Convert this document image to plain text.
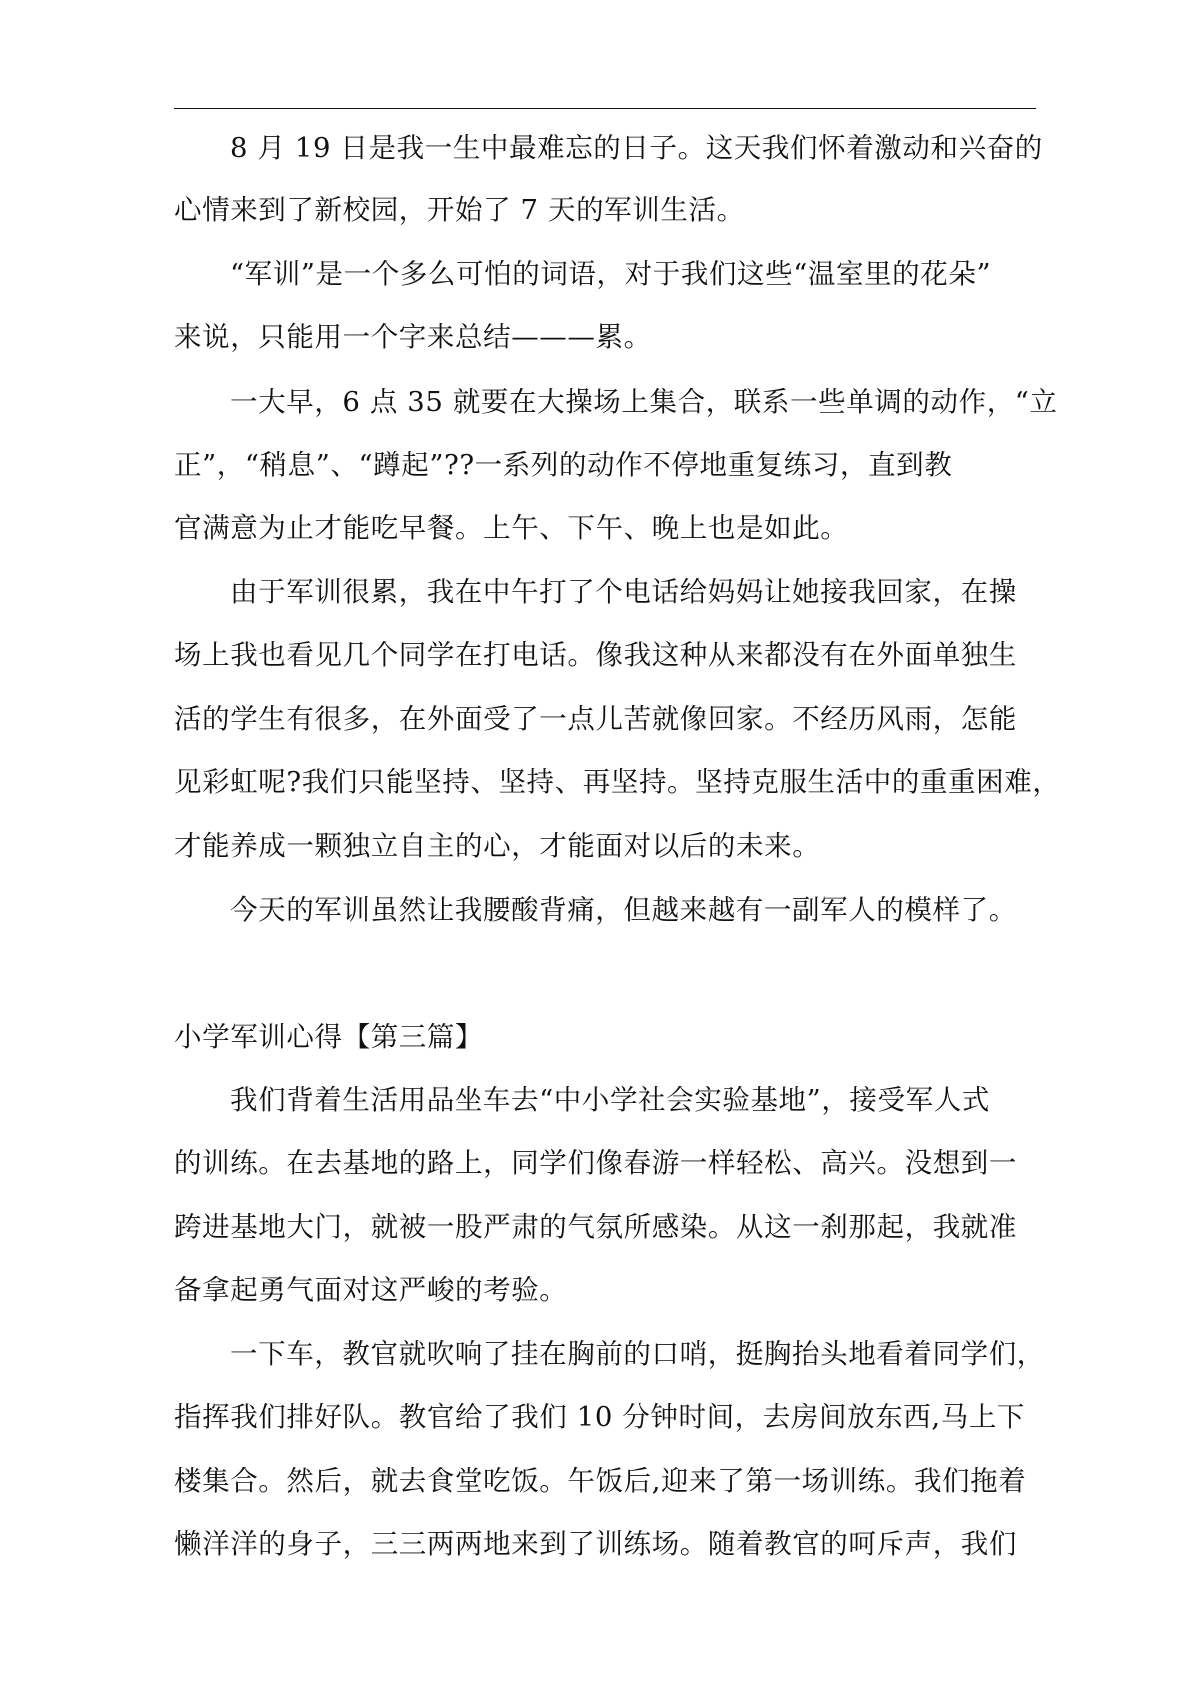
8 月 19 日是我一生中最难忘的日子。这天我们怀着激动和兴奋的
心情来到了新校园，开始了 7 天的军训生活。
“军训”是一个多么可怕的词语，对于我们这些“温室里的花朵”
来说，只能用一个字来总结———累。
一大早，6 点 35 就要在大操场上集合，联系一些单调的动作，“立
正”，“稍息”、“蹲起”??一系列的动作不停地重复练习，直到教
官满意为止才能吃早餐。上午、下午、晚上也是如此。
由于军训很累，我在中午打了个电话给妈妈让她接我回家，在操
场上我也看见几个同学在打电话。像我这种从来都没有在外面单独生
活的学生有很多，在外面受了一点儿苦就像回家。不经历风雨，怎能
见彩虹呢?我们只能坚持、坚持、再坚持。坚持克服生活中的重重困难，
才能养成一颗独立自主的心，才能面对以后的未来。
今天的军训虽然让我腰酸背痛，但越来越有一副军人的模样了。
小学军训心得【第三篇】
我们背着生活用品坐车去“中小学社会实验基地”，接受军人式
的训练。在去基地的路上，同学们像春游一样轻松、高兴。没想到一
跨进基地大门，就被一股严肃的气氛所感染。从这一刹那起，我就准
备拿起勇气面对这严峻的考验。
一下车，教官就吹响了挂在胸前的口哨，挺胸抬头地看着同学们，
指挥我们排好队。教官给了我们 10 分钟时间，去房间放东西,马上下
楼集合。然后，就去食堂吃饭。午饭后,迎来了第一场训练。我们拖着
懒洋洋的身子，三三两两地来到了训练场。随着教官的呵斥声，我们
